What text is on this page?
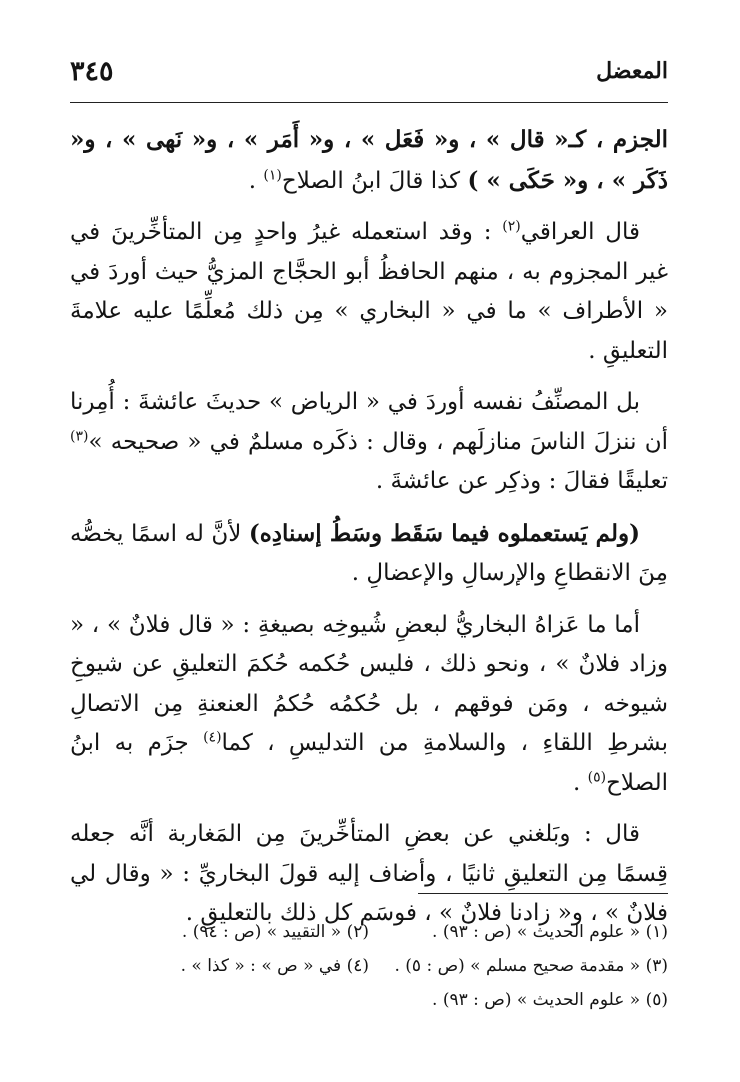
المعضل
٣٤٥

الجزم ، كـ« قال » ، و« فَعَل » ، و« أَمَر » ، و« نَهى » ، و« ذَكَر » ، و« حَكَى » ) كذا قالَ ابنُ الصلاح$^{(١)}$ .

قال العراقي$^{(٢)}$ : وقد استعمله غيرُ واحدٍ مِن المتأخِّرينَ في غير المجزوم به ، منهم الحافظُ أبو الحجَّاج المزيُّ حيث أوردَ في « الأطراف » ما في « البخاري » مِن ذلك مُعلِّمًا عليه علامةَ التعليقِ .

بل المصنِّفُ نفسه أوردَ في « الرياض » حديثَ عائشةَ : أُمِرنا أن ننزلَ الناسَ منازلَهم ، وقال : ذكَره مسلمٌ في « صحيحه »$^{(٣)}$ تعليقًا فقالَ : وذكِر عن عائشةَ .

(ولم يَستعملوه فيما سَقَط وسَطُ إسنادِه) لأنَّ له اسمًا يخصُّه مِنَ الانقطاعِ والإرسالِ والإعضالِ .

أما ما عَزاهُ البخاريُّ لبعضِ شُيوخِه بصيغةِ : « قال فلانٌ » ، « وزاد فلانٌ » ، ونحو ذلك ، فليس حُكمه حُكمَ التعليقِ عن شيوخِ شيوخه ، ومَن فوقهم ، بل حُكمُه حُكمُ العنعنةِ مِن الاتصالِ بشرطِ اللقاءِ ، والسلامةِ من التدليسِ ، كما$^{(٤)}$ جزَم به ابنُ الصلاح$^{(٥)}$ .

قال : وبَلغني عن بعضِ المتأخِّرينَ مِن المَغاربة أنَّه جعله قِسمًا مِن التعليقِ ثانيًا ، وأضاف إليه قولَ البخاريِّ : « وقال لي فلانٌ » ، و« زادنا فلانٌ » ، فوسَم كل ذلك بالتعليقِ .

(١) « علوم الحديث » (ص : ٩٣) .
(٢) « التقييد » (ص : ٩٤) .
(٣) « مقدمة صحيح مسلم » (ص : ٥) .
(٤) في « ص » : « كذا » .
(٥) « علوم الحديث » (ص : ٩٣) .
